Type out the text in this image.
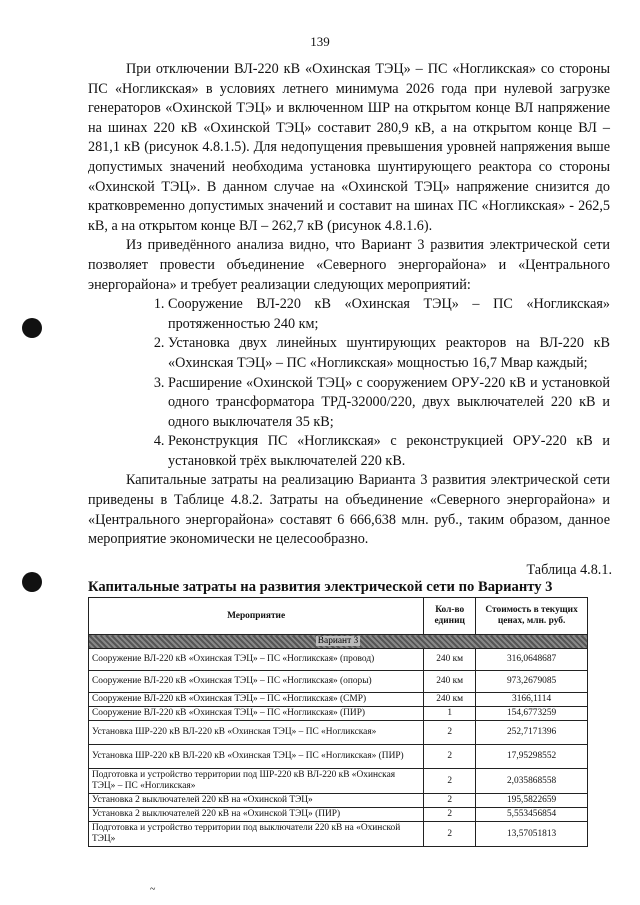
139

При отключении ВЛ-220 кВ «Охинская ТЭЦ» – ПС «Ногликская» со стороны ПС «Ногликская» в условиях летнего минимума 2026 года при нулевой загрузке генераторов «Охинской ТЭЦ» и включенном ШР на открытом конце ВЛ напряжение на шинах 220 кВ «Охинской ТЭЦ» составит 280,9 кВ, а на открытом конце ВЛ – 281,1 кВ (рисунок 4.8.1.5). Для недопущения превышения уровней напряжения выше допустимых значений необходима установка шунтирующего реактора со стороны «Охинской ТЭЦ». В данном случае на «Охинской ТЭЦ» напряжение снизится до кратковременно допустимых значений и составит на шинах ПС «Ногликская» - 262,5 кВ, а на открытом конце ВЛ – 262,7 кВ (рисунок 4.8.1.6).

Из приведённого анализа видно, что Вариант 3 развития электрической сети позволяет провести объединение «Северного энергорайона» и «Центрального энергорайона» и требует реализации следующих мероприятий:

1. Сооружение ВЛ-220 кВ «Охинская ТЭЦ» – ПС «Ногликская» протяженностью 240 км;
2. Установка двух линейных шунтирующих реакторов на ВЛ-220 кВ «Охинская ТЭЦ» – ПС «Ногликская» мощностью 16,7 Мвар каждый;
3. Расширение «Охинской ТЭЦ» с сооружением ОРУ-220 кВ и установкой одного трансформатора ТРД-32000/220, двух выключателей 220 кВ и одного выключателя 35 кВ;
4. Реконструкция ПС «Ногликская» с реконструкцией ОРУ-220 кВ и установкой трёх выключателей 220 кВ.

Капитальные затраты на реализацию Варианта 3 развития электрической сети приведены в Таблице 4.8.2. Затраты на объединение «Северного энергорайона» и «Центрального энергорайона» составят 6 666,638 млн. руб., таким образом, данное мероприятие экономически не целесообразно.

Таблица 4.8.1.
Капитальные затраты на развития электрической сети по Варианту 3
Мероприятие	Кол-во единиц	Стоимость в текущих ценах, млн. руб.
Вариант 3		
Сооружение ВЛ-220 кВ «Охинская ТЭЦ» – ПС «Ногликская» (провод)	240 км	316,0648687
Сооружение ВЛ-220 кВ «Охинская ТЭЦ» – ПС «Ногликская» (опоры)	240 км	973,2679085
Сооружение ВЛ-220 кВ «Охинская ТЭЦ» – ПС «Ногликская» (СМР)	240 км	3166,1114
Сооружение ВЛ-220 кВ «Охинская ТЭЦ» – ПС «Ногликская» (ПИР)	1	154,6773259
Установка ШР-220 кВ ВЛ-220 кВ «Охинская ТЭЦ» – ПС «Ногликская»	2	252,7171396
Установка ШР-220 кВ ВЛ-220 кВ «Охинская ТЭЦ» – ПС «Ногликская» (ПИР)	2	17,95298552
Подготовка и устройство территории под ШР-220 кВ ВЛ-220 кВ «Охинская ТЭЦ» – ПС «Ногликская»	2	2,035868558
Установка 2 выключателей 220 кВ на «Охинской ТЭЦ»	2	195,5822659
Установка 2 выключателей 220 кВ на «Охинской ТЭЦ» (ПИР)	2	5,553456854
Подготовка и устройство территории под выключатели 220 кВ на «Охинской ТЭЦ»	2	13,57051813
~
